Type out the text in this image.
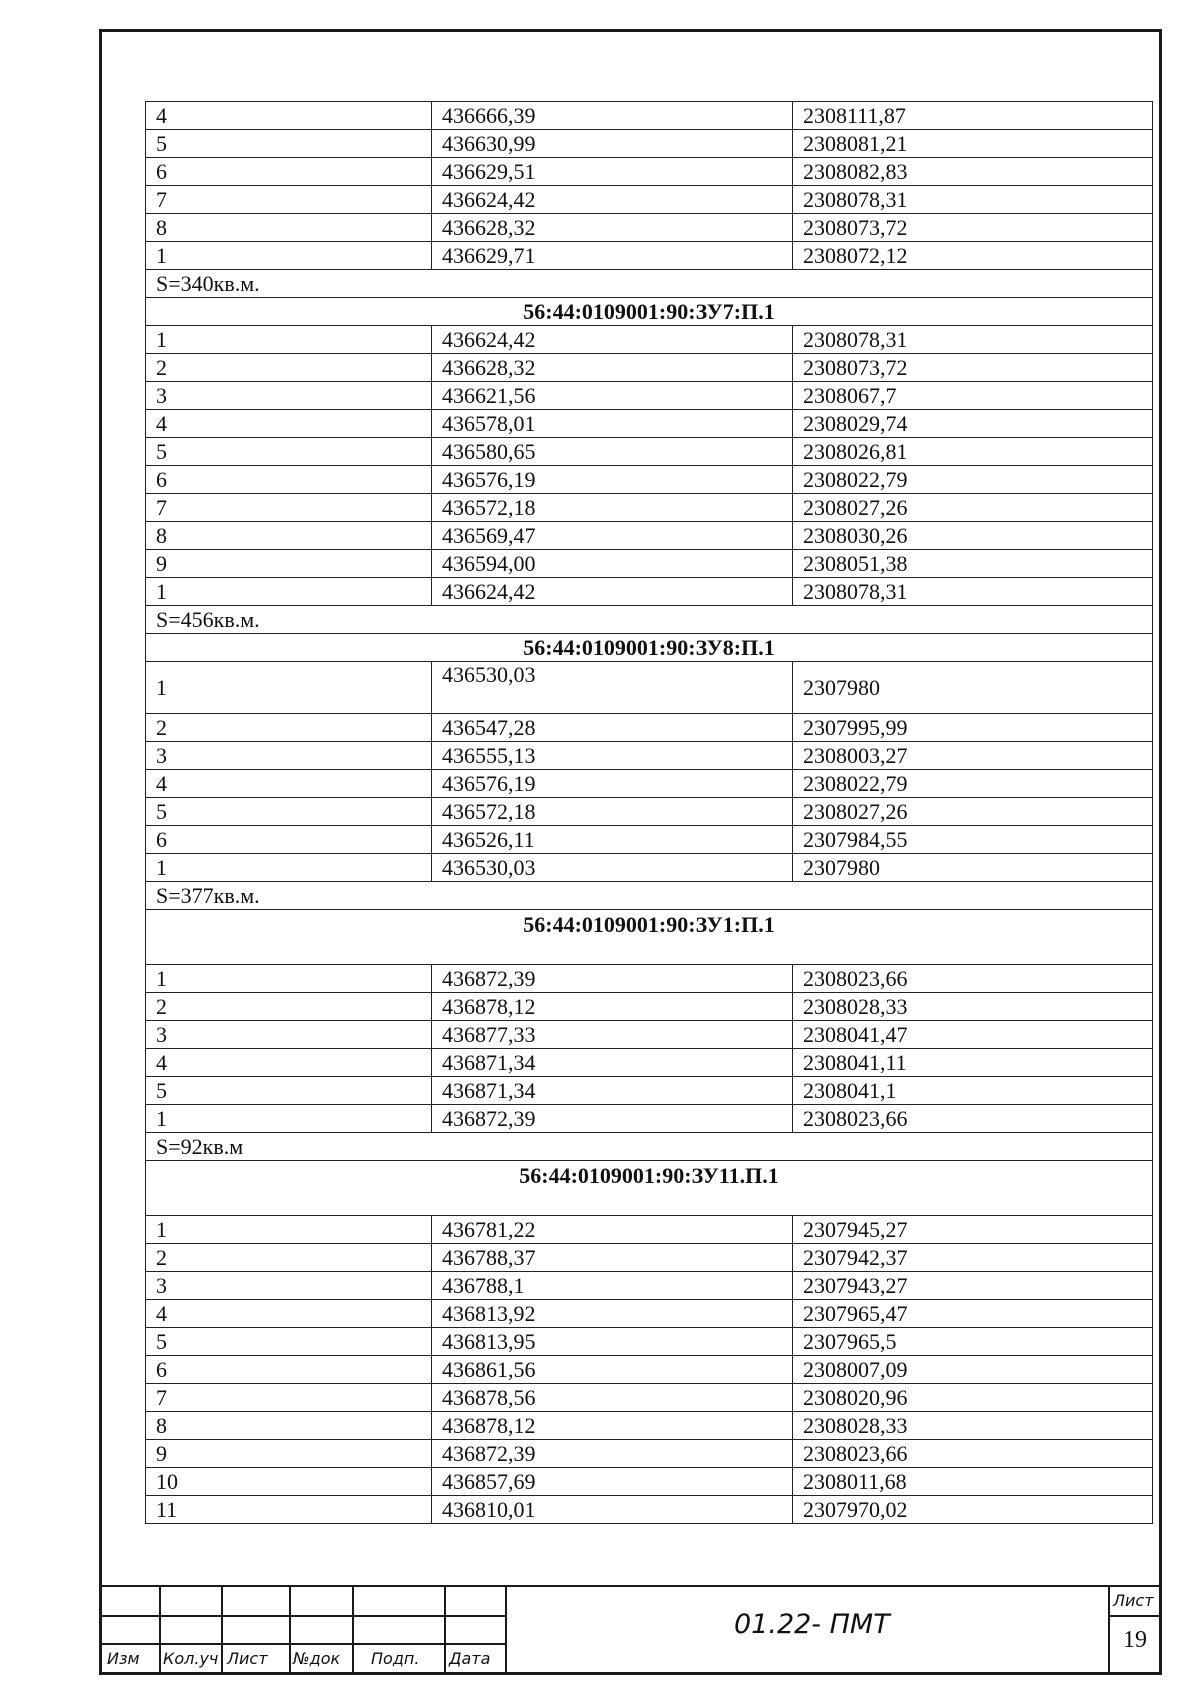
4	436666,39	2308111,87
5	436630,99	2308081,21
6	436629,51	2308082,83
7	436624,42	2308078,31
8	436628,32	2308073,72
1	436629,71	2308072,12
S=340кв.м.		
56:44:0109001:90:ЗУ7:П.1		
1	436624,42	2308078,31
2	436628,32	2308073,72
3	436621,56	2308067,7
4	436578,01	2308029,74
5	436580,65	2308026,81
6	436576,19	2308022,79
7	436572,18	2308027,26
8	436569,47	2308030,26
9	436594,00	2308051,38
1	436624,42	2308078,31
S=456кв.м.		
56:44:0109001:90:ЗУ8:П.1		
1	436530,03	2307980
2	436547,28	2307995,99
3	436555,13	2308003,27
4	436576,19	2308022,79
5	436572,18	2308027,26
6	436526,11	2307984,55
1	436530,03	2307980
S=377кв.м.		
56:44:0109001:90:ЗУ1:П.1		
1	436872,39	2308023,66
2	436878,12	2308028,33
3	436877,33	2308041,47
4	436871,34	2308041,11
5	436871,34	2308041,1
1	436872,39	2308023,66
S=92кв.м		
56:44:0109001:90:ЗУ11.П.1		
1	436781,22	2307945,27
2	436788,37	2307942,37
3	436788,1	2307943,27
4	436813,92	2307965,47
5	436813,95	2307965,5
6	436861,56	2308007,09
7	436878,56	2308020,96
8	436878,12	2308028,33
9	436872,39	2308023,66
10	436857,69	2308011,68
11	436810,01	2307970,02
Изм Кол.уч Лист №док Подп. Дата
01.22- ПМТ
Лист
19
